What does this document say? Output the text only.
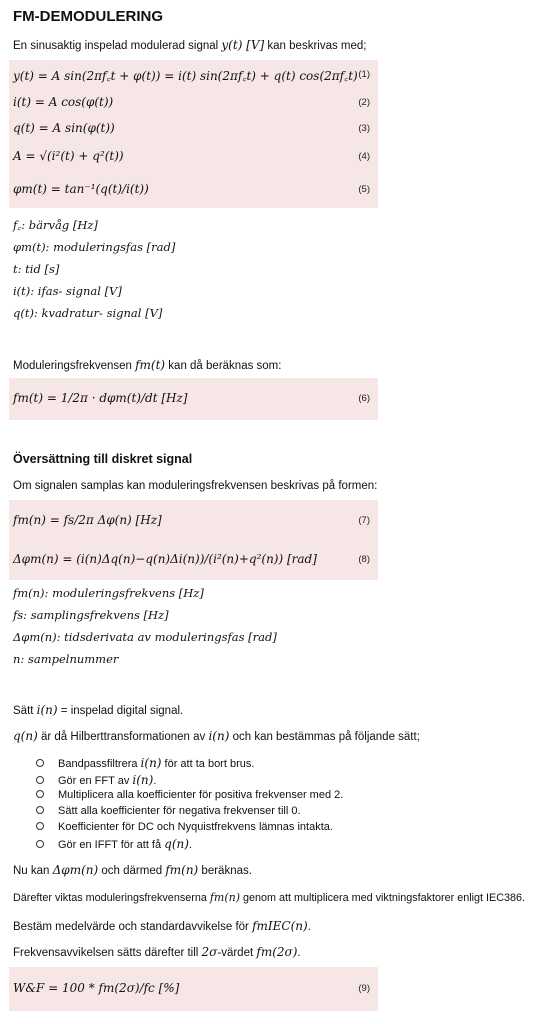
FM-DEMODULERING
En sinusaktig inspelad modulerad signal y(t) [V] kan beskrivas med;
y(t) = A sin(2πf꜀t + φ(t)) = i(t) sin(2πf꜀t) + q(t) cos(2πf꜀t) (1)
i(t) = A cos(φ(t))	(2)
q(t) = A sin(φ(t))	(3)
A = √(i²(t) + q²(t))	(4)
φm(t) = tan⁻¹(q(t)/i(t))	(5)
f꜀: bärvåg [Hz]
φm(t): moduleringsfas [rad]
t: tid [s]
i(t): ifas- signal [V]
q(t): kvadratur- signal [V]
Moduleringsfrekvensen fm(t) kan då beräknas som:
fm(t) = 1/2π · dφm(t)/dt [Hz]	(6)
Översättning till diskret signal
Om signalen samplas kan moduleringsfrekvensen beskrivas på formen:
fm(n) = fs/2π Δφ(n) [Hz]	(7)
Δφm(n) = (i(n)Δq(n)−q(n)Δi(n))/(i²(n)+q²(n)) [rad]	(8)
fm(n): moduleringsfrekvens [Hz]
fs: samplingsfrekvens [Hz]
Δφm(n): tidsderivata av moduleringsfas [rad]
n: sampelnummer
Sätt i(n) = inspelad digital signal.
q(n) är då Hilberttransformationen av i(n) och kan bestämmas på följande sätt;
Bandpassfiltrera i(n) för att ta bort brus.
Gör en FFT av i(n).
Multiplicera alla koefficienter för positiva frekvenser med 2.
Sätt alla koefficienter för negativa frekvenser till 0.
Koefficienter för DC och Nyquistfrekvens lämnas intakta.
Gör en IFFT för att få q(n).
Nu kan Δφm(n) och därmed fm(n) beräknas.
Därefter viktas moduleringsfrekvenserna fm(n) genom att multiplicera med viktningsfaktorer enligt IEC386.
Bestäm medelvärde och standardavvikelse för fmIEC(n).
Frekvensavvikelsen sätts därefter till 2σ-värdet fm(2σ).
W&F = 100 * fm(2σ)/fc [%]	(9)
